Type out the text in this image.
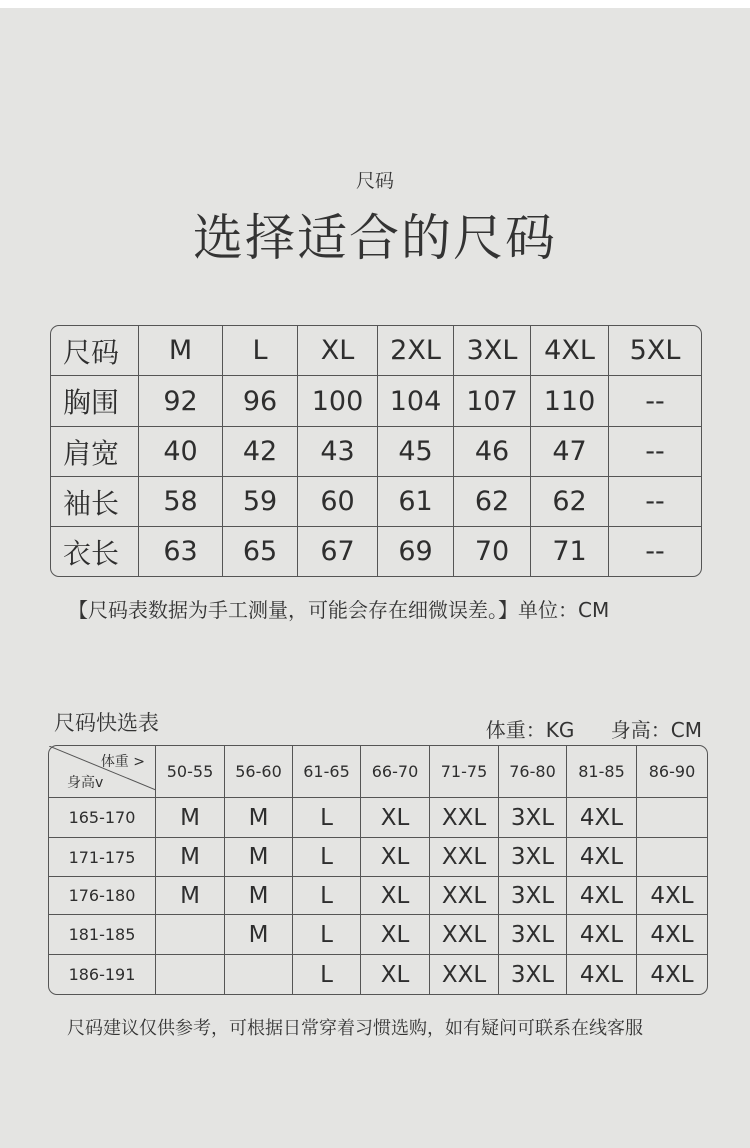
尺码
选择适合的尺码
尺码	M	L	XL	2XL	3XL	4XL	5XL
胸围	92	96	100	104	107	110	--
肩宽	40	42	43	45	46	47	--
袖长	58	59	60	61	62	62	--
衣长	63	65	67	69	70	71	--
【尺码表数据为手工测量，可能会存在细微误差。】单位：CM
尺码快选表	体重：KG 身高：CM
体重 >
身高v	50-55	56-60	61-65	66-70	71-75	76-80	81-85	86-90
165-170	M	M	L	XL	XXL	3XL	4XL	
171-175	M	M	L	XL	XXL	3XL	4XL	
176-180	M	M	L	XL	XXL	3XL	4XL	4XL
181-185		M	L	XL	XXL	3XL	4XL	4XL
186-191			L	XL	XXL	3XL	4XL	4XL
尺码建议仅供参考，可根据日常穿着习惯选购，如有疑问可联系在线客服
